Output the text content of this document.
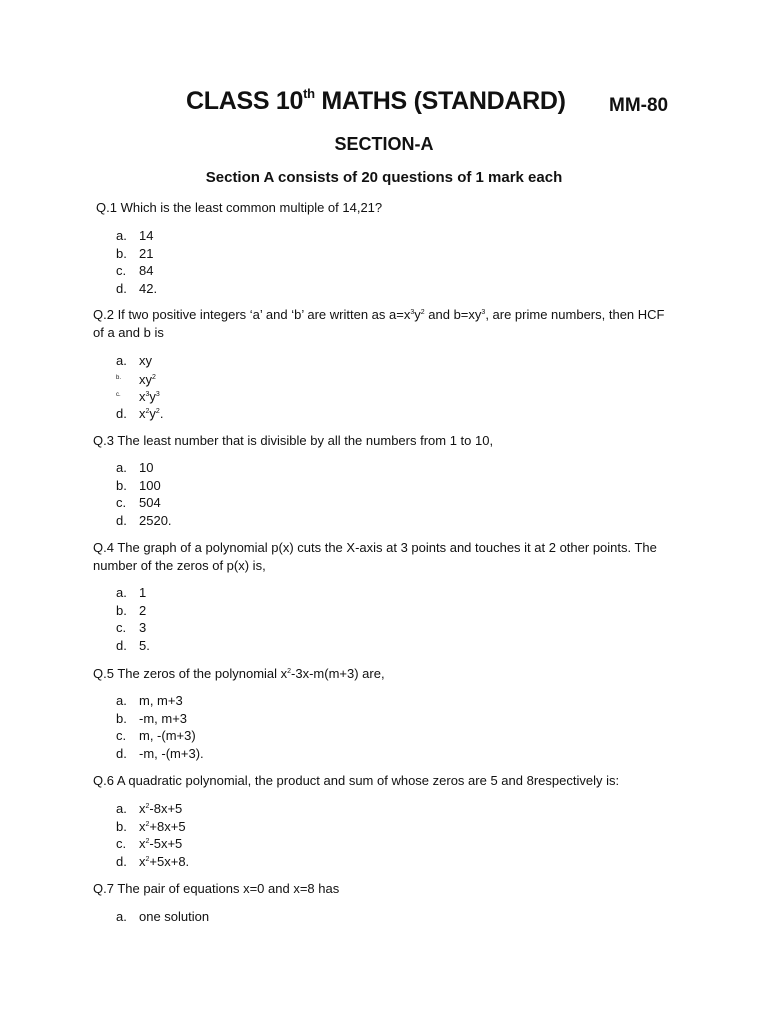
CLASS 10th MATHS (STANDARD) MM-80
SECTION-A
Section A consists of 20 questions of 1 mark each
Q.1 Which is the least common multiple of 14,21?
a. 14
b. 21
c. 84
d. 42.
Q.2 If two positive integers ‘a’ and ‘b’ are written as $a=x^3y^2$ and $b=xy^3$, are prime numbers, then HCF of a and b is
a. xy
b. $xy^2$
c. $x^3y^3$
d. $x^2y^2$.
Q.3 The least number that is divisible by all the numbers from 1 to 10,
a. 10
b. 100
c. 504
d. 2520.
Q.4 The graph of a polynomial p(x) cuts the X-axis at 3 points and touches it at 2 other points. The number of the zeros of p(x) is,
a. 1
b. 2
c. 3
d. 5.
Q.5 The zeros of the polynomial $x^2-3x-m(m+3)$ are,
a. m, m+3
b. -m, m+3
c. m, -(m+3)
d. -m, -(m+3).
Q.6 A quadratic polynomial, the product and sum of whose zeros are 5 and 8respectively is:
a. $x^2-8x+5$
b. $x^2+8x+5$
c. $x^2-5x+5$
d. $x^2+5x+8$.
Q.7 The pair of equations x=0 and x=8 has
a. one solution
